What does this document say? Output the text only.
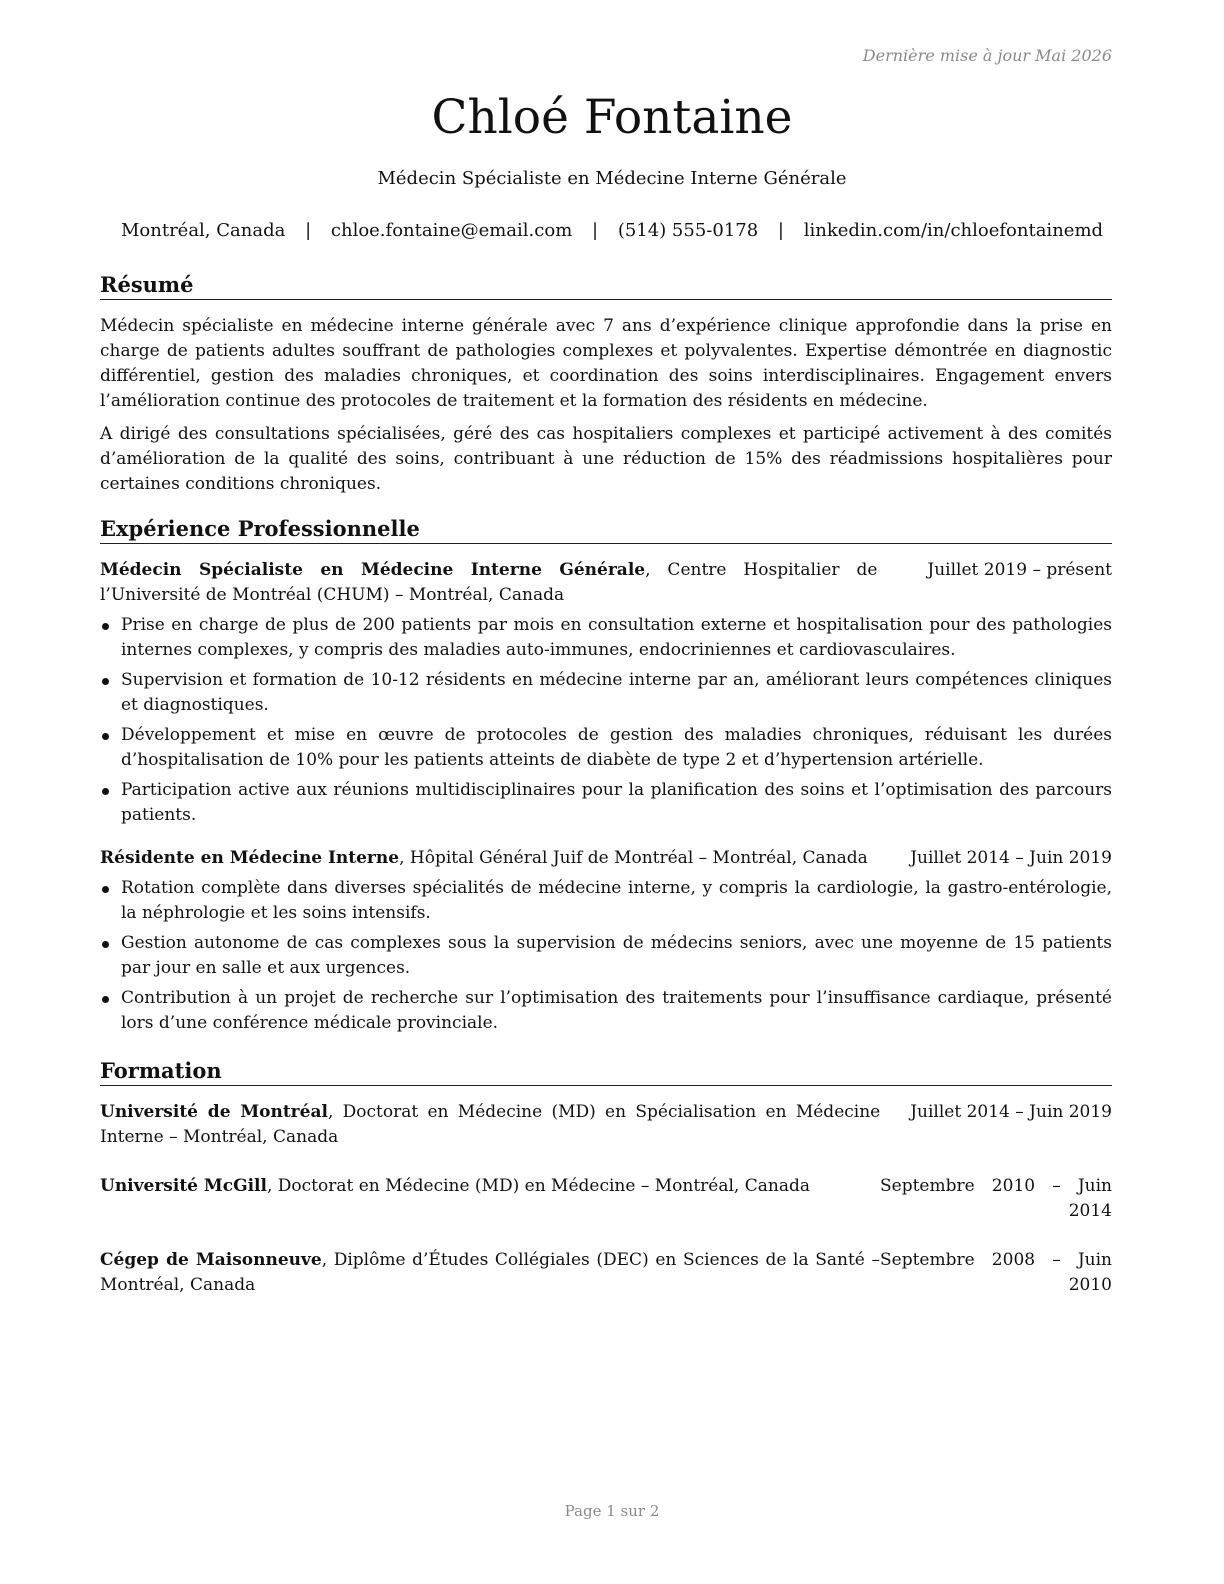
Dernière mise à jour Mai 2026
Chloé Fontaine
Médecin Spécialiste en Médecine Interne Générale
Montréal, Canada | chloe.fontaine@email.com | (514) 555-0178 | linkedin.com/in/chloefontainemd
Résumé

Médecin spécialiste en médecine interne générale avec 7 ans d’expérience clinique approfondie dans la prise en charge de patients adultes souffrant de pathologies complexes et polyvalentes. Expertise démontrée en diagnostic différentiel, gestion des maladies chroniques, et coordination des soins interdisciplinaires. Engagement envers l’amélioration continue des protocoles de traitement et la formation des résidents en médecine.

A dirigé des consultations spécialisées, géré des cas hospitaliers complexes et participé activement à des comités d’amélioration de la qualité des soins, contribuant à une réduction de 15% des réadmissions hospitalières pour certaines conditions chroniques.

Expérience Professionnelle
Médecin Spécialiste en Médecine Interne Générale, Centre Hospitalier de l’Université de Montréal (CHUM) – Montréal, Canada
Juillet 2019 – présent
Prise en charge de plus de 200 patients par mois en consultation externe et hospitalisation pour des pathologies internes complexes, y compris des maladies auto-immunes, endocriniennes et cardiovasculaires.
Supervision et formation de 10-12 résidents en médecine interne par an, améliorant leurs compétences cliniques et diagnostiques.
Développement et mise en œuvre de protocoles de gestion des maladies chroniques, réduisant les durées d’hospitalisation de 10% pour les patients atteints de diabète de type 2 et d’hypertension artérielle.
Participation active aux réunions multidisciplinaires pour la planification des soins et l’optimisation des parcours patients.
Résidente en Médecine Interne, Hôpital Général Juif de Montréal – Montréal, Canada	Juillet 2014 – Juin 2019
Rotation complète dans diverses spécialités de médecine interne, y compris la cardiologie, la gastro-entérologie, la néphrologie et les soins intensifs.
Gestion autonome de cas complexes sous la supervision de médecins seniors, avec une moyenne de 15 patients par jour en salle et aux urgences.
Contribution à un projet de recherche sur l’optimisation des traitements pour l’insuffisance cardiaque, présenté lors d’une conférence médicale provinciale.
Formation
Université de Montréal, Doctorat en Médecine (MD) en Spécialisation en Médecine Interne – Montréal, Canada
Juillet 2014 – Juin 2019
Université McGill, Doctorat en Médecine (MD) en Médecine – Montréal, Canada	Septembre 2010 – Juin 2014
Cégep de Maisonneuve, Diplôme d’Études Collégiales (DEC) en Sciences de la Santé – Montréal, Canada
Septembre 2008 – Juin 2010
Page 1 sur 2
